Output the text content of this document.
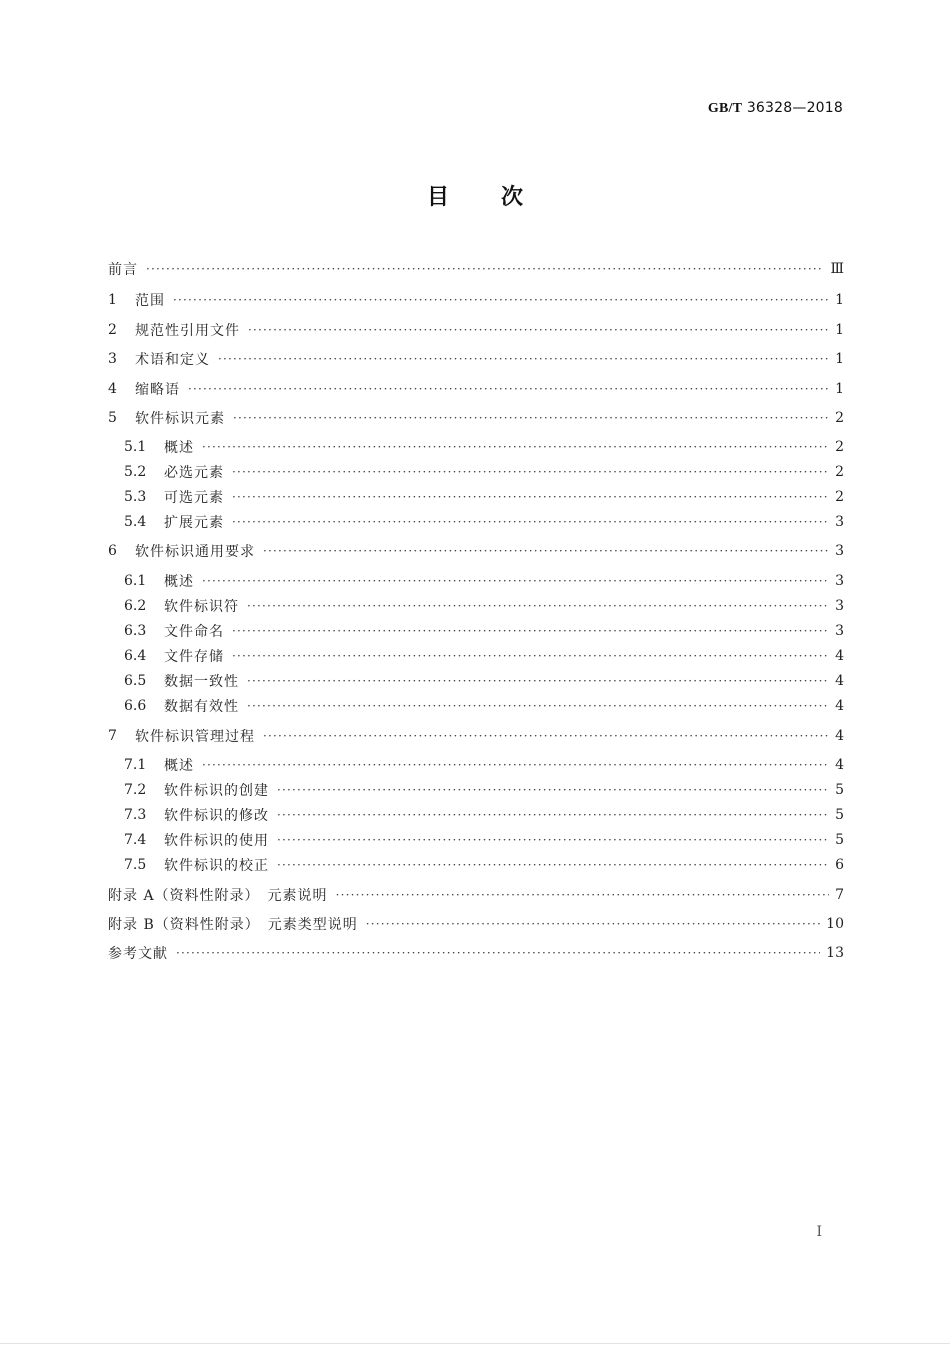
GB/T 36328—2018
目次
前言 ·····	Ⅲ
1	范围 ·····	1
2	规范性引用文件 ·····	1
3	术语和定义 ·····	1
4	缩略语 ·····	1
5	软件标识元素 ·····	2
5.1	概述 ·····	2
5.2	必选元素 ·····	2
5.3	可选元素 ·····	2
5.4	扩展元素 ·····	3
6	软件标识通用要求 ·····	3
6.1	概述 ·····	3
6.2	软件标识符 ·····	3
6.3	文件命名 ·····	3
6.4	文件存储 ·····	4
6.5	数据一致性 ·····	4
6.6	数据有效性 ·····	4
7	软件标识管理过程 ·····	4
7.1	概述 ·····	4
7.2	软件标识的创建 ·····	5
7.3	软件标识的修改 ·····	5
7.4	软件标识的使用 ·····	5
7.5	软件标识的校正 ·····	6
附录 A（资料性附录）　元素说明 ·····	7
附录 B（资料性附录）　元素类型说明 ·····	10
参考文献 ·····	13
Ⅰ
